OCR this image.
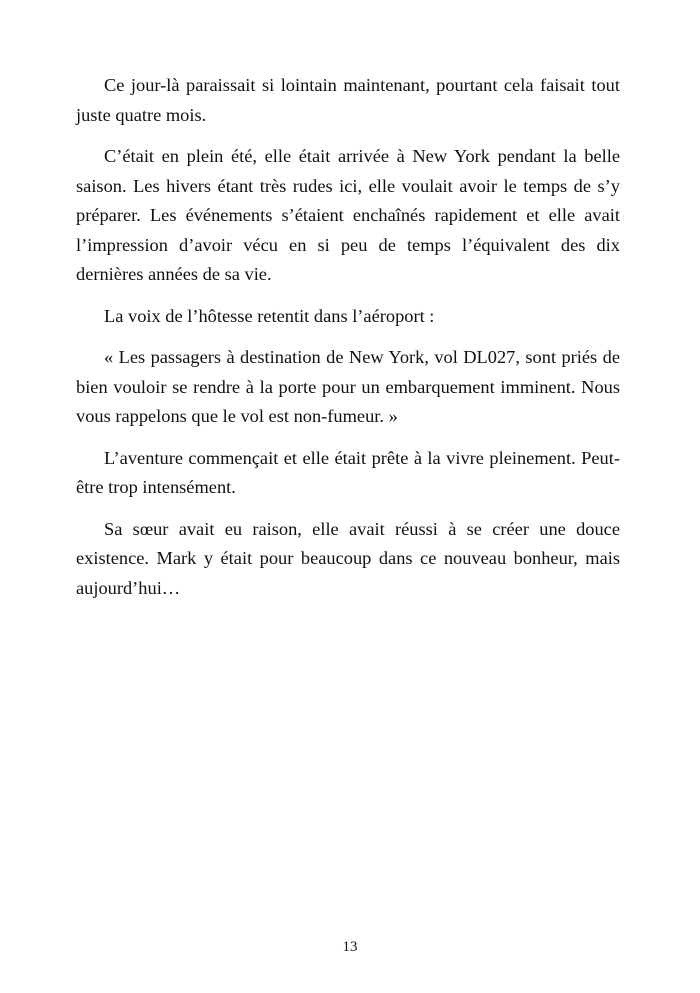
Ce jour-là paraissait si lointain maintenant, pourtant cela faisait tout juste quatre mois.

C’était en plein été, elle était arrivée à New York pendant la belle saison. Les hivers étant très rudes ici, elle voulait avoir le temps de s’y préparer. Les événements s’étaient enchaînés rapidement et elle avait l’impression d’avoir vécu en si peu de temps l’équivalent des dix dernières années de sa vie.

La voix de l’hôtesse retentit dans l’aéroport :

« Les passagers à destination de New York, vol DL027, sont priés de bien vouloir se rendre à la porte pour un embarquement imminent. Nous vous rappelons que le vol est non-fumeur. »

L’aventure commençait et elle était prête à la vivre pleinement. Peut-être trop intensément.

Sa sœur avait eu raison, elle avait réussi à se créer une douce existence. Mark y était pour beaucoup dans ce nouveau bonheur, mais aujourd’hui…

13
